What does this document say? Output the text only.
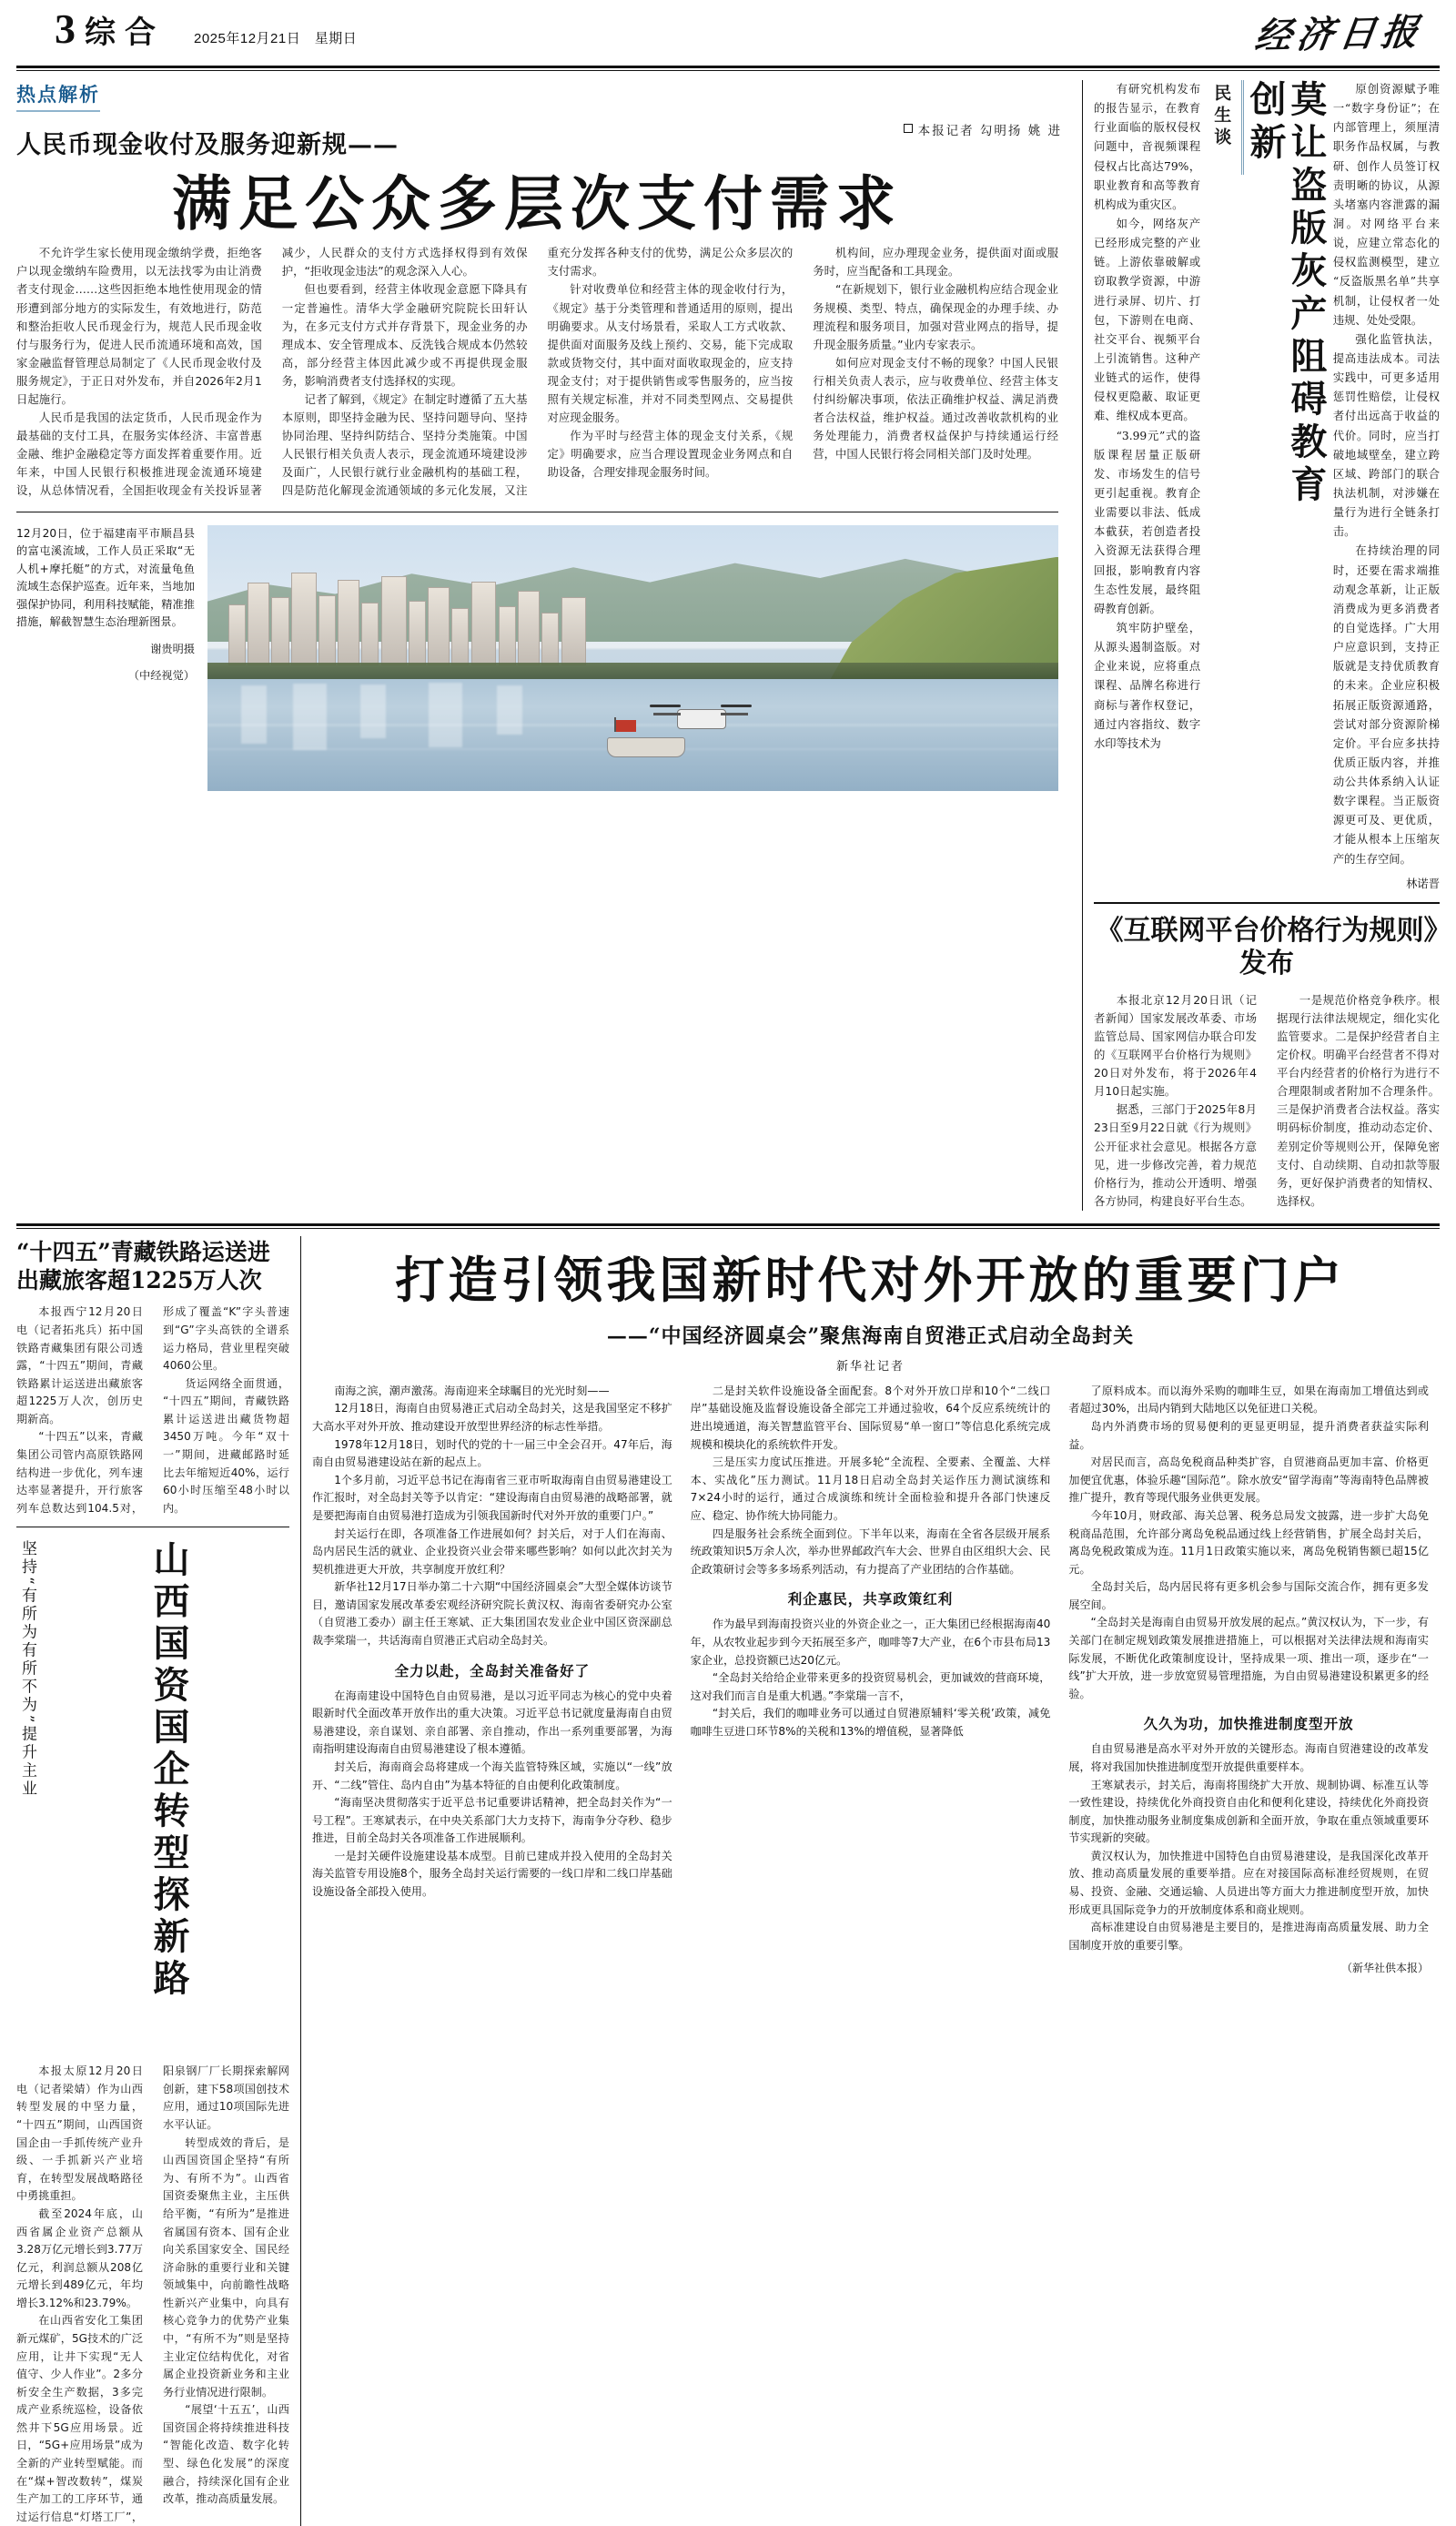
3 综合 2025年12月21日　星期日	经济日报
本报记者 勾明扬 姚 进
热点解析
人民币现金收付及服务迎新规——
满足公众多层次支付需求

不允许学生家长使用现金缴纳学费，拒绝客户以现金缴纳车险费用，以无法找零为由让消费者支付现金……这些因拒绝本地性使用现金的情形遭到部分地方的实际发生，有效地进行，防范和整治拒收人民币现金行为，规范人民币现金收付与服务行为，促进人民币流通环境和高效，国家金融监督管理总局制定了《人民币现金收付及服务规定》，于正日对外发布，并自2026年2月1日起施行。

人民币是我国的法定货币，人民币现金作为最基础的支付工具，在服务实体经济、丰富普惠金融、维护金融稳定等方面发挥着重要作用。近年来，中国人民银行积极推进现金流通环境建设，从总体情况看，全国拒收现金有关投诉显著减少，人民群众的支付方式选择权得到有效保护，“拒收现金违法”的观念深入人心。

但也要看到，经营主体收现金意愿下降具有一定普遍性。清华大学金融研究院院长田轩认为，在多元支付方式并存背景下，现金业务的办理成本、安全管理成本、反洗钱合规成本仍然较高，部分经营主体因此减少或不再提供现金服务，影响消费者支付选择权的实现。

记者了解到，《规定》在制定时遵循了五大基本原则，即坚持金融为民、坚持问题导向、坚持协同治理、坚持纠防结合、坚持分类施策。中国人民银行相关负责人表示，现金流通环境建设涉及面广，人民银行就行业金融机构的基础工程，四是防范化解现金流通领域的多元化发展，又注重充分发挥各种支付的优势，满足公众多层次的支付需求。

针对收费单位和经营主体的现金收付行为，《规定》基于分类管理和普通适用的原则，提出明确要求。从支付场景看，采取人工方式收款、提供面对面服务及线上预约、交易，能下完成取款或货物交付，其中面对面收取现金的，应支持现金支付；对于提供销售或零售服务的，应当按照有关规定标准，并对不同类型网点、交易提供对应现金服务。

作为平时与经营主体的现金支付关系，《规定》明确要求，应当合理设置现金业务网点和自助设备，合理安排现金服务时间。

机构间，应办理现金业务，提供面对面或服务时，应当配备和工具现金。

“在新规划下，银行业金融机构应结合现金业务规模、类型、特点，确保现金的办理手续、办理流程和服务项目，加强对营业网点的指导，提升现金服务质量。”业内专家表示。

如何应对现金支付不畅的现象？中国人民银行相关负责人表示，应与收费单位、经营主体支付纠纷解决事项，依法正确维护权益、满足消费者合法权益，维护权益。通过改善收款机构的业务处理能力，消费者权益保护与持续通运行经营，中国人民银行将会同相关部门及时处理。

12月20日，位于福建南平市顺昌县的富屯溪流域，工作人员正采取“无人机+摩托艇”的方式，对流量龟鱼流域生态保护巡查。近年来，当地加强保护协同，利用科技赋能，精准推措施，解截智慧生态治理新图景。
谢贵明摄
（中经视觉）

有研究机构发布的报告显示，在教育行业面临的版权侵权问题中，音视频课程侵权占比高达79%，职业教育和高等教育机构成为重灾区。

如今，网络灰产已经形成完整的产业链。上游依靠破解或窃取教学资源，中游进行录屏、切片、打包，下游则在电商、社交平台、视频平台上引流销售。这种产业链式的运作，使得侵权更隐蔽、取证更难、维权成本更高。

“3.99元”式的盗版课程居量正版研发、市场发生的信号更引起重视。教育企业需要以非法、低成本截获，若创造者投入资源无法获得合理回报，影响教育内容生态性发展，最终阻碍教育创新。

筑牢防护壁垒，从源头遏制盗版。对企业来说，应将重点课程、品牌名称进行商标与著作权登记，通过内容指纹、数字水印等技术为

民生谈	莫让盗版灰产阻碍教育创新	原创资源赋予唯一“数字身份证”；在内部管理上，须厘清职务作品权属，与教研、创作人员签订权责明晰的协议，从源头堵塞内容泄露的漏洞。对网络平台来说，应建立常态化的侵权监测模型，建立“反盗版黑名单”共享机制，让侵权者一处违规、处处受限。

强化监管执法，提高违法成本。司法实践中，可更多适用惩罚性赔偿，让侵权者付出远高于收益的代价。同时，应当打破地域壁垒，建立跨区域、跨部门的联合执法机制，对涉嫌在量行为进行全链条打击。

在持续治理的同时，还要在需求端推动观念革新，让正版消费成为更多消费者的自觉选择。广大用户应意识到，支持正版就是支持优质教育的未来。企业应积极拓展正版资源通路，尝试对部分资源阶梯定价。平台应多扶持优质正版内容，并推动公共体系纳入认证数字课程。当正版资源更可及、更优质，才能从根本上压缩灰产的生存空间。

林诺晋
《互联网平台价格行为规则》发布

本报北京12月20日讯（记者新闻）国家发展改革委、市场监管总局、国家网信办联合印发的《互联网平台价格行为规则》20日对外发布，将于2026年4月10日起实施。

据悉，三部门于2025年8月23日至9月22日就《行为规则》公开征求社会意见。根据各方意见，进一步修改完善，着力规范价格行为，推动公开透明、增强各方协同，构建良好平台生态。

一是规范价格竞争秩序。根据现行法律法规规定，细化实化监管要求。二是保护经营者自主定价权。明确平台经营者不得对平台内经营者的价格行为进行不合理限制或者附加不合理条件。三是保护消费者合法权益。落实明码标价制度，推动动态定价、差别定价等规则公开，保障免密支付、自动续期、自动扣款等服务，更好保护消费者的知情权、选择权。

“十四五”青藏铁路运送进出藏旅客超1225万人次

本报西宁12月20日电（记者拓兆兵）拓中国铁路青藏集团有限公司透露，“十四五”期间，青藏铁路累计运送进出藏旅客超1225万人次，创历史期新高。

“十四五”以来，青藏集团公司管内高原铁路网结构进一步优化，列车速达率显著提升，开行旅客列车总数达到104.5对，形成了覆盖“K”字头普速到“G”字头高铁的全谱系运力格局，营业里程突破4060公里。

货运网络全面贯通，“十四五”期间，青藏铁路累计运送进出藏货物超3450万吨。今年“双十一”期间，进藏邮路时延比去年缩短近40%，运行60小时压缩至48小时以内。

坚持“有所为有所不为”提升主业	山西国资国企转型探新路

本报太原12月20日电（记者梁婧）作为山西转型发展的中坚力量，“十四五”期间，山西国资国企由一手抓传统产业升级、一手抓新兴产业培育，在转型发展战略路径中勇挑重担。

截至2024年底，山西省属企业资产总额从3.28万亿元增长到3.77万亿元，利润总额从208亿元增长到489亿元，年均增长3.12%和23.79%。

在山西省安化工集团新元煤矿，5G技术的广泛应用，让井下实现“无人值守、少人作业”。2多分析安全生产数据，3多完成产业系统巡检，设备依然井下5G应用场景。近日，“5G+应用场景”成为全新的产业转型赋能。而在“煤+智改数转”，煤炭生产加工的工序环节，通过运行信息“灯塔工厂”，阳泉钢厂厂长期探索解网创新，建下58项国创技术应用，通过10项国际先进水平认证。

转型成效的背后，是山西国资国企坚持“有所为、有所不为”。山西省国资委聚焦主业，主压供给平衡，“有所为”是推进省属国有资本、国有企业向关系国家安全、国民经济命脉的重要行业和关键领域集中，向前瞻性战略性新兴产业集中，向具有核心竞争力的优势产业集中，“有所不为”则是坚持主业定位结构优化，对省属企业投资新业务和主业务行业情况进行限制。

“展望‘十五五’，山西国资国企将持续推进科技“智能化改造、数字化转型、绿色化发展”的深度融合，持续深化国有企业改革，推动高质量发展。

打造引领我国新时代对外开放的重要门户
——“中国经济圆桌会”聚焦海南自贸港正式启动全岛封关
新华社记者

南海之滨，潮声激荡。海南迎来全球瞩目的光光时刻——

12月18日，海南自由贸易港正式启动全岛封关，这是我国坚定不移扩大高水平对外开放、推动建设开放型世界经济的标志性举措。

1978年12月18日，划时代的党的十一届三中全会召开。47年后，海南自由贸易港建设站在新的起点上。

1个多月前，习近平总书记在海南省三亚市听取海南自由贸易港建设工作汇报时，对全岛封关等予以肯定：“建设海南自由贸易港的战略部署，就是要把海南自由贸易港打造成为引领我国新时代对外开放的重要门户。”

封关运行在即，各项准备工作进展如何？封关后，对于人们在海南、岛内居民生活的就业、企业投资兴业会带来哪些影响？如何以此次封关为契机推进更大开放，共享制度开放红利？

新华社12月17日举办第二十六期“中国经济圆桌会”大型全媒体访谈节目，邀请国家发展改革委宏观经济研究院长黄汉权、海南省委研究办公室（自贸港工委办）副主任王寒斌、正大集团国农发业企业中国区资深副总裁李棠瑞一，共话海南自贸港正式启动全岛封关。

全力以赴，全岛封关准备好了

在海南建设中国特色自由贸易港，是以习近平同志为核心的党中央着眼新时代全面改革开放作出的重大决策。习近平总书记就度量海南自由贸易港建设，亲自谋划、亲自部署、亲自推动，作出一系列重要部署，为海南指明建设海南自由贸易港建设了根本遵循。

封关后，海南商会岛将建成一个海关监管特殊区域，实施以“一线”放开、“二线”管住、岛内自由”为基本特征的自由便利化政策制度。

“海南坚决贯彻落实于近平总书记重要讲话精神，把全岛封关作为“一号工程”。王寒斌表示，在中央关系部门大力支持下，海南争分夺秒、稳步推进，目前全岛封关各项准备工作进展顺利。

一是封关硬件设施建设基本成型。目前已建成并投入使用的全岛封关海关监管专用设施8个，服务全岛封关运行需要的一线口岸和二线口岸基础设施设备全部投入使用。

二是封关软件设施设备全面配套。8个对外开放口岸和10个“二线口岸”基础设施及监督设施设备全部完工并通过验收，64个反应系统统计的进出境通道，海关智慧监管平台、国际贸易“单一窗口”等信息化系统完成规模和模块化的系统软件开发。

三是压实力度试压推进。开展多轮“全流程、全要素、全覆盖、大样本、实战化”压力测试。11月18日启动全岛封关运作压力测试演练和7×24小时的运行，通过合成演练和统计全面检验和提升各部门快速反应、稳定、协作统大协同能力。

四是服务社会系统全面到位。下半年以来，海南在全省各层级开展系统政策知识5万余人次，举办世界邮政汽车大会、世界自由区组织大会、民企政策研讨会等多多场系列活动，有力提高了产业团结的合作基础。

利企惠民，共享政策红利

作为最早到海南投资兴业的外资企业之一，正大集团已经根据海南40年，从农牧业起步到今天拓展至多产，咖啡等7大产业，在6个市县布局13家企业，总投资额已达20亿元。

“全岛封关给给企业带来更多的投资贸易机会，更加诚效的营商环境，这对我们而言自是重大机遇。”李棠瑞一言不，

“封关后，我们的咖啡业务可以通过自贸港原辅料‘零关税’政策，减免咖啡生豆进口环节8%的关税和13%的增值税，显著降低

了原料成本。而以海外采购的咖啡生豆，如果在海南加工增值达到或者超过30%，出局内销到大陆地区以免征进口关税。

岛内外消费市场的贸易便利的更显更明显，提升消费者获益实际利益。

对居民而言，高岛免税商品种类扩容，自贸港商品更加丰富、价格更加便宜优惠，体验乐趣“国际范”。除水放安“留学海南”等海南特色品牌被推广提升，教育等现代服务业供更发展。

今年10月，财政部、海关总署、税务总局发文披露，进一步扩大岛免税商品范围，允许部分离岛免税品通过线上经营销售，扩展全岛封关后，离岛免税政策成为连。11月1日政策实施以来，离岛免税销售额已超15亿元。

全岛封关后，岛内居民将有更多机会参与国际交流合作，拥有更多发展空间。

“全岛封关是海南自由贸易开放发展的起点。”黄汉权认为，下一步，有关部门在制定规划政策发展推进措施上，可以根据对关法律法规和海南实际发展，不断优化政策制度设计，坚持成果一项、推出一项，逐步在“一线”扩大开放，进一步放宽贸易管理措施，为自由贸易港建设积累更多的经验。

久久为功，加快推进制度型开放

自由贸易港是高水平对外开放的关键形态。海南自贸港建设的改革发展，将对我国加快推进制度型开放提供重要样本。

王寒斌表示，封关后，海南将围绕扩大开放、规制协调、标准互认等一致性建设，持续优化外商投资自由化和便利化建设，持续优化外商投资制度，加快推动服务业制度集成创新和全面开放，争取在重点领域重要环节实现新的突破。

黄汉权认为，加快推进中国特色自由贸易港建设，是我国深化改革开放、推动高质量发展的重要举措。应在对接国际高标准经贸规则，在贸易、投资、金融、交通运输、人员进出等方面大力推进制度型开放，加快形成更具国际竞争力的开放制度体系和商业规则。

高标准建设自由贸易港是主要目的，是推进海南高质量发展、助力全国制度开放的重要引擎。

（新华社供本报）
